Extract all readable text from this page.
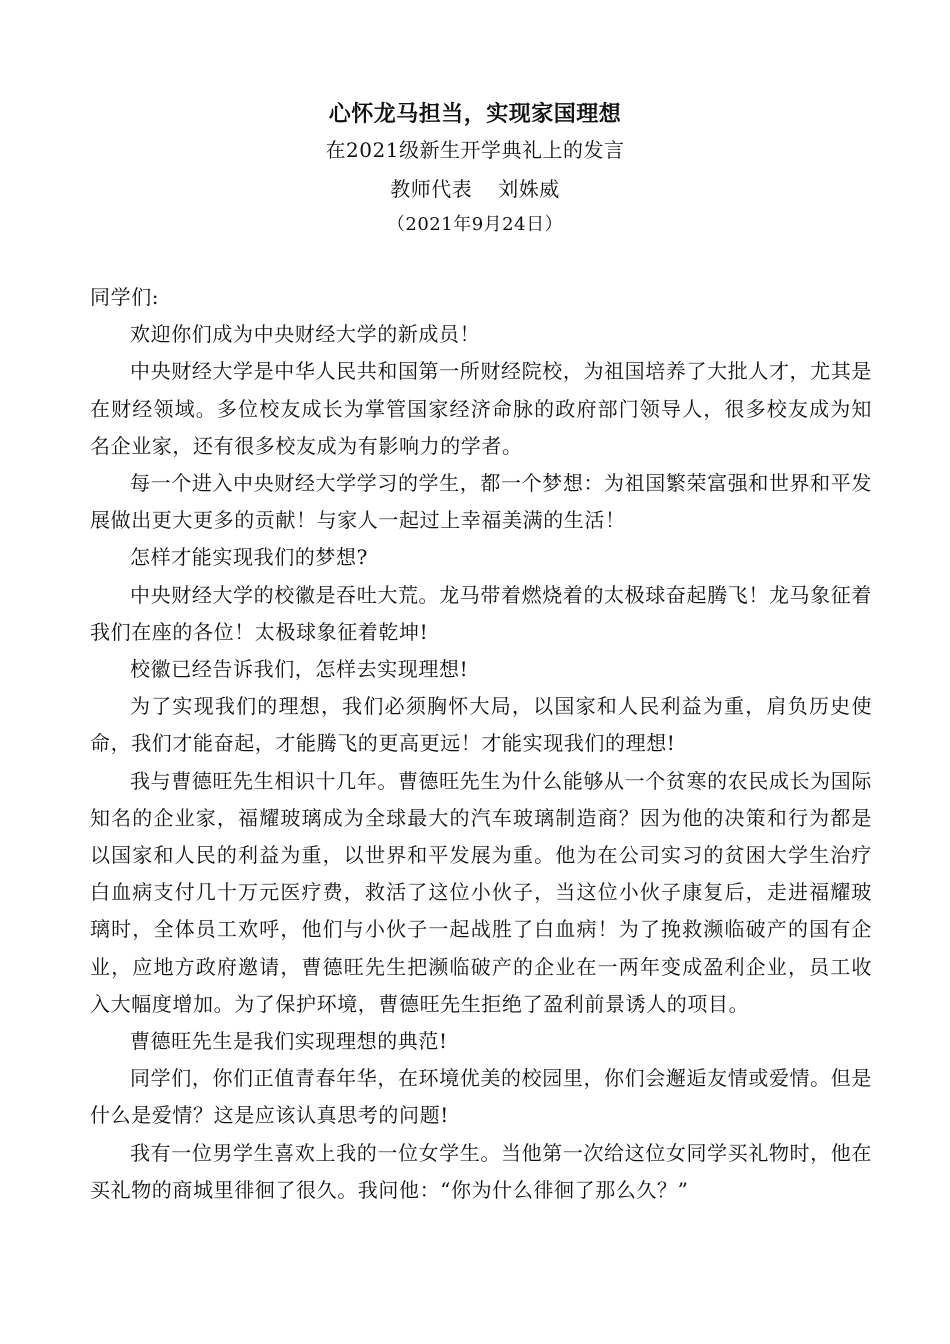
心怀龙马担当，实现家国理想
在2021级新生开学典礼上的发言
教师代表 刘姝威
（2021年9月24日）

同学们:

欢迎你们成为中央财经大学的新成员！

中央财经大学是中华人民共和国第一所财经院校，为祖国培养了大批人才，尤其是在财经领域。多位校友成长为掌管国家经济命脉的政府部门领导人，很多校友成为知名企业家，还有很多校友成为有影响力的学者。

每一个进入中央财经大学学习的学生，都一个梦想：为祖国繁荣富强和世界和平发展做出更大更多的贡献！与家人一起过上幸福美满的生活！

怎样才能实现我们的梦想?

中央财经大学的校徽是吞吐大荒。龙马带着燃烧着的太极球奋起腾飞！龙马象征着我们在座的各位！太极球象征着乾坤!

校徽已经告诉我们，怎样去实现理想!

为了实现我们的理想，我们必须胸怀大局，以国家和人民利益为重，肩负历史使命，我们才能奋起，才能腾飞的更高更远！才能实现我们的理想!

我与曹德旺先生相识十几年。曹德旺先生为什么能够从一个贫寒的农民成长为国际知名的企业家，福耀玻璃成为全球最大的汽车玻璃制造商？因为他的决策和行为都是以国家和人民的利益为重，以世界和平发展为重。他为在公司实习的贫困大学生治疗白血病支付几十万元医疗费，救活了这位小伙子，当这位小伙子康复后，走进福耀玻璃时，全体员工欢呼，他们与小伙子一起战胜了白血病！为了挽救濒临破产的国有企业，应地方政府邀请，曹德旺先生把濒临破产的企业在一两年变成盈利企业，员工收入大幅度增加。为了保护环境，曹德旺先生拒绝了盈利前景诱人的项目。

曹德旺先生是我们实现理想的典范!

同学们，你们正值青春年华，在环境优美的校园里，你们会邂逅友情或爱情。但是什么是爱情？这是应该认真思考的问题!

我有一位男学生喜欢上我的一位女学生。当他第一次给这位女同学买礼物时，他在买礼物的商城里徘徊了很久。我问他：“你为什么徘徊了那么久？”
